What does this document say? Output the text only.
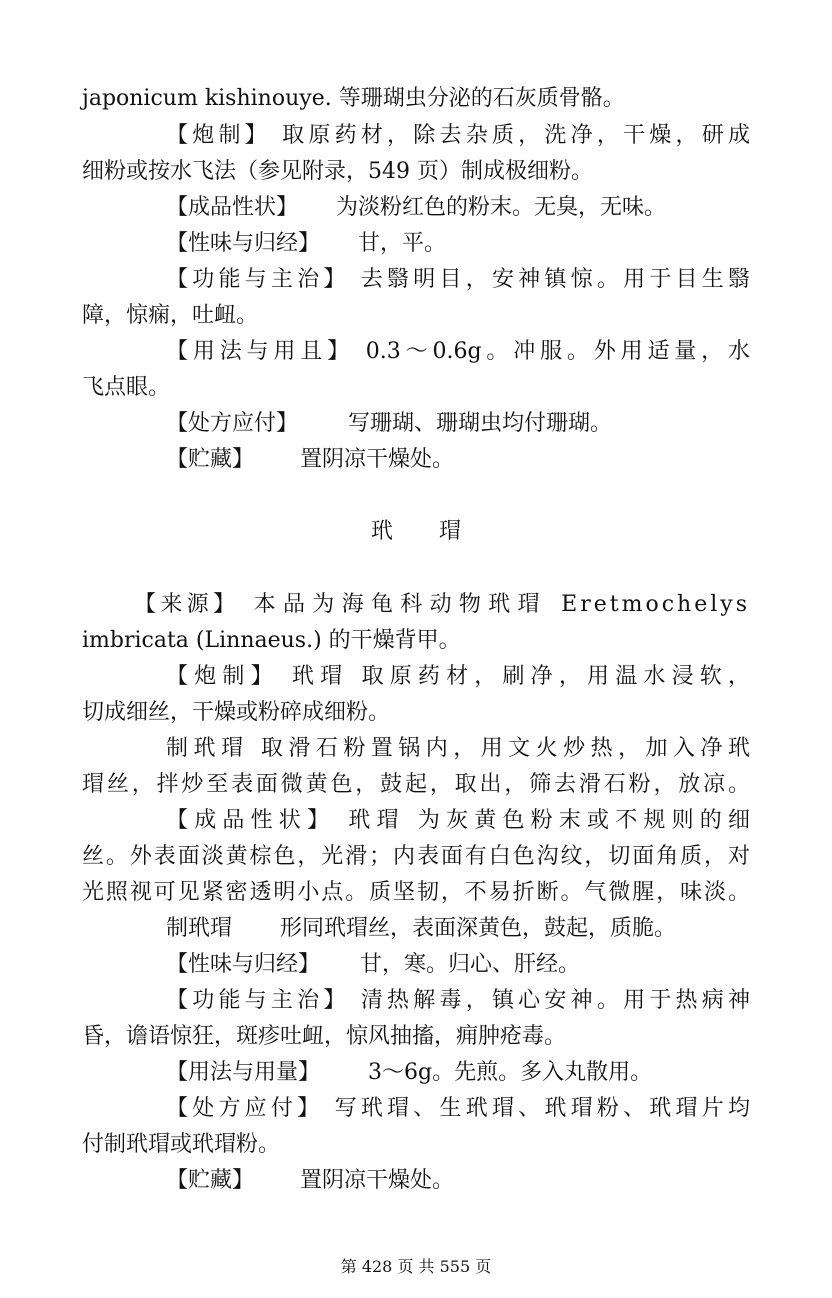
japonicum kishinouye. 等珊瑚虫分泌的石灰质骨骼。
【炮制】 取原药材，除去杂质，洗净，干燥，研成
细粉或按水飞法（参见附录，549 页）制成极细粉。
【成品性状】 为淡粉红色的粉末。无臭，无味。
【性味与归经】 甘，平。
【功能与主治】 去翳明目，安神镇惊。用于目生翳
障，惊痫，吐衄。
【用法与用且】 0.3～0.6g。冲服。外用适量，水
飞点眼。
【处方应付】 写珊瑚、珊瑚虫均付珊瑚。
【贮藏】 置阴凉干燥处。
玳 瑁
【来源】 本品为海龟科动物玳瑁 Eretmochelys
imbricata (Linnaeus.) 的干燥背甲。
【炮制】 玳瑁 取原药材，刷净，用温水浸软，
切成细丝，干燥或粉碎成细粉。
制玳瑁 取滑石粉置锅内，用文火炒热，加入净玳
瑁丝，拌炒至表面微黄色，鼓起，取出，筛去滑石粉，放凉。
【成品性状】 玳瑁 为灰黄色粉末或不规则的细
丝。外表面淡黄棕色，光滑；内表面有白色沟纹，切面角质，对
光照视可见紧密透明小点。质坚韧，不易折断。气微腥，味淡。
制玳瑁 形同玳瑁丝，表面深黄色，鼓起，质脆。
【性味与归经】 甘，寒。归心、肝经。
【功能与主治】 清热解毒，镇心安神。用于热病神
昏，谵语惊狂，斑疹吐衄，惊风抽搐，痈肿疮毒。
【用法与用量】 3～6g。先煎。多入丸散用。
【处方应付】 写玳瑁、生玳瑁、玳瑁粉、玳瑁片均
付制玳瑁或玳瑁粉。
【贮藏】 置阴凉干燥处。
第 428 页 共 555 页
